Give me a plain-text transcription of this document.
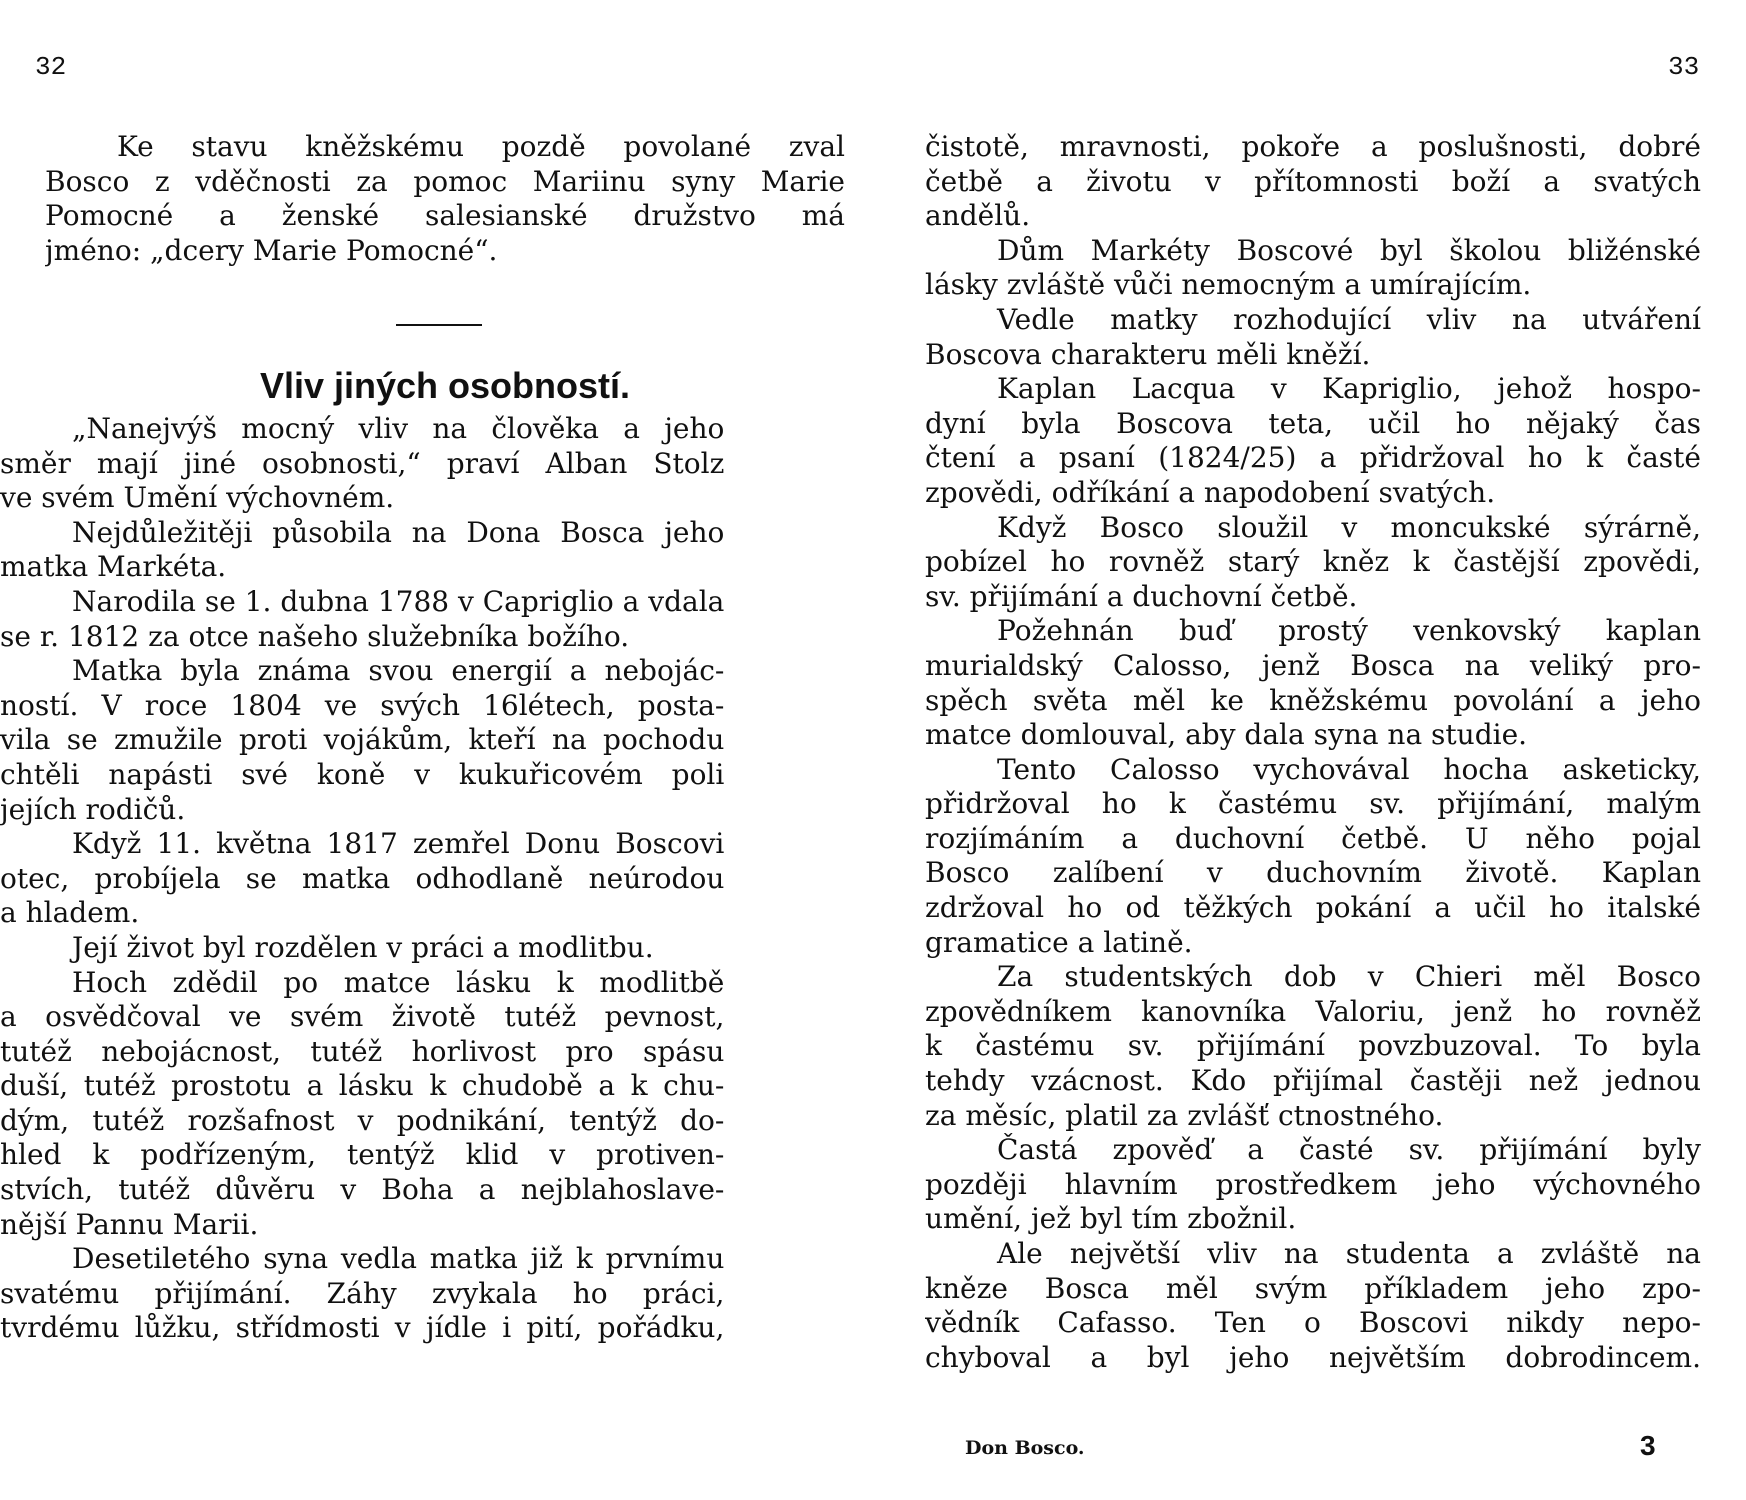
32	33
Ke stavu kněžskému pozdě povolané zval
Bosco z vděčnosti za pomoc Mariinu syny Marie
Pomocné a ženské salesianské družstvo má
jméno: „dcery Marie Pomocné“.
Vliv jiných osobností.
„Nanejvýš mocný vliv na člověka a jeho
směr mají jiné osobnosti,“ praví Alban Stolz
ve svém Umění výchovném.
Nejdůležitěji působila na Dona Bosca jeho
matka Markéta.
Narodila se 1. dubna 1788 v Capriglio a vdala
se r. 1812 za otce našeho služebníka božího.
Matka byla známa svou energií a nebojác-
ností. V roce 1804 ve svých 16létech, posta-
vila se zmužile proti vojákům, kteří na pochodu
chtěli napásti své koně v kukuřicovém poli
jejích rodičů.
Když 11. května 1817 zemřel Donu Boscovi
otec, probíjela se matka odhodlaně neúrodou
a hladem.
Její život byl rozdělen v práci a modlitbu.
Hoch zdědil po matce lásku k modlitbě
a osvědčoval ve svém životě tutéž pevnost,
tutéž nebojácnost, tutéž horlivost pro spásu
duší, tutéž prostotu a lásku k chudobě a k chu-
dým, tutéž rozšafnost v podnikání, tentýž do-
hled k podřízeným, tentýž klid v protiven-
stvích, tutéž důvěru v Boha a nejblahoslave-
nější Pannu Marii.
Desetiletého syna vedla matka již k prvnímu
svatému přijímání. Záhy zvykala ho práci,
tvrdému lůžku, střídmosti v jídle i pití, pořádku,
čistotě, mravnosti, pokoře a poslušnosti, dobré
četbě a životu v přítomnosti boží a svatých
andělů.
Dům Markéty Boscové byl školou bližénské
lásky zvláště vůči nemocným a umírajícím.
Vedle matky rozhodující vliv na utváření
Boscova charakteru měli kněží.
Kaplan Lacqua v Kapriglio, jehož hospo-
dyní byla Boscova teta, učil ho nějaký čas
čtení a psaní (1824/25) a přidržoval ho k časté
zpovědi, odříkání a napodobení svatých.
Když Bosco sloužil v moncukské sýrárně,
pobízel ho rovněž starý kněz k častější zpovědi,
sv. přijímání a duchovní četbě.
Požehnán buď prostý venkovský kaplan
murialdský Calosso, jenž Bosca na veliký pro-
spěch světa měl ke kněžskému povolání a jeho
matce domlouval, aby dala syna na studie.
Tento Calosso vychovával hocha asketicky,
přidržoval ho k častému sv. přijímání, malým
rozjímáním a duchovní četbě. U něho pojal
Bosco zalíbení v duchovním životě. Kaplan
zdržoval ho od těžkých pokání a učil ho italské
gramatice a latině.
Za studentských dob v Chieri měl Bosco
zpovědníkem kanovníka Valoriu, jenž ho rovněž
k častému sv. přijímání povzbuzoval. To byla
tehdy vzácnost. Kdo přijímal častěji než jednou
za měsíc, platil za zvlášť ctnostného.
Častá zpověď a časté sv. přijímání byly
později hlavním prostředkem jeho výchovného
umění, jež byl tím zbožnil.
Ale největší vliv na studenta a zvláště na
kněze Bosca měl svým příkladem jeho zpo-
vědník Cafasso. Ten o Boscovi nikdy nepo-
chyboval a byl jeho největším dobrodincem.
Don Bosco.	3
